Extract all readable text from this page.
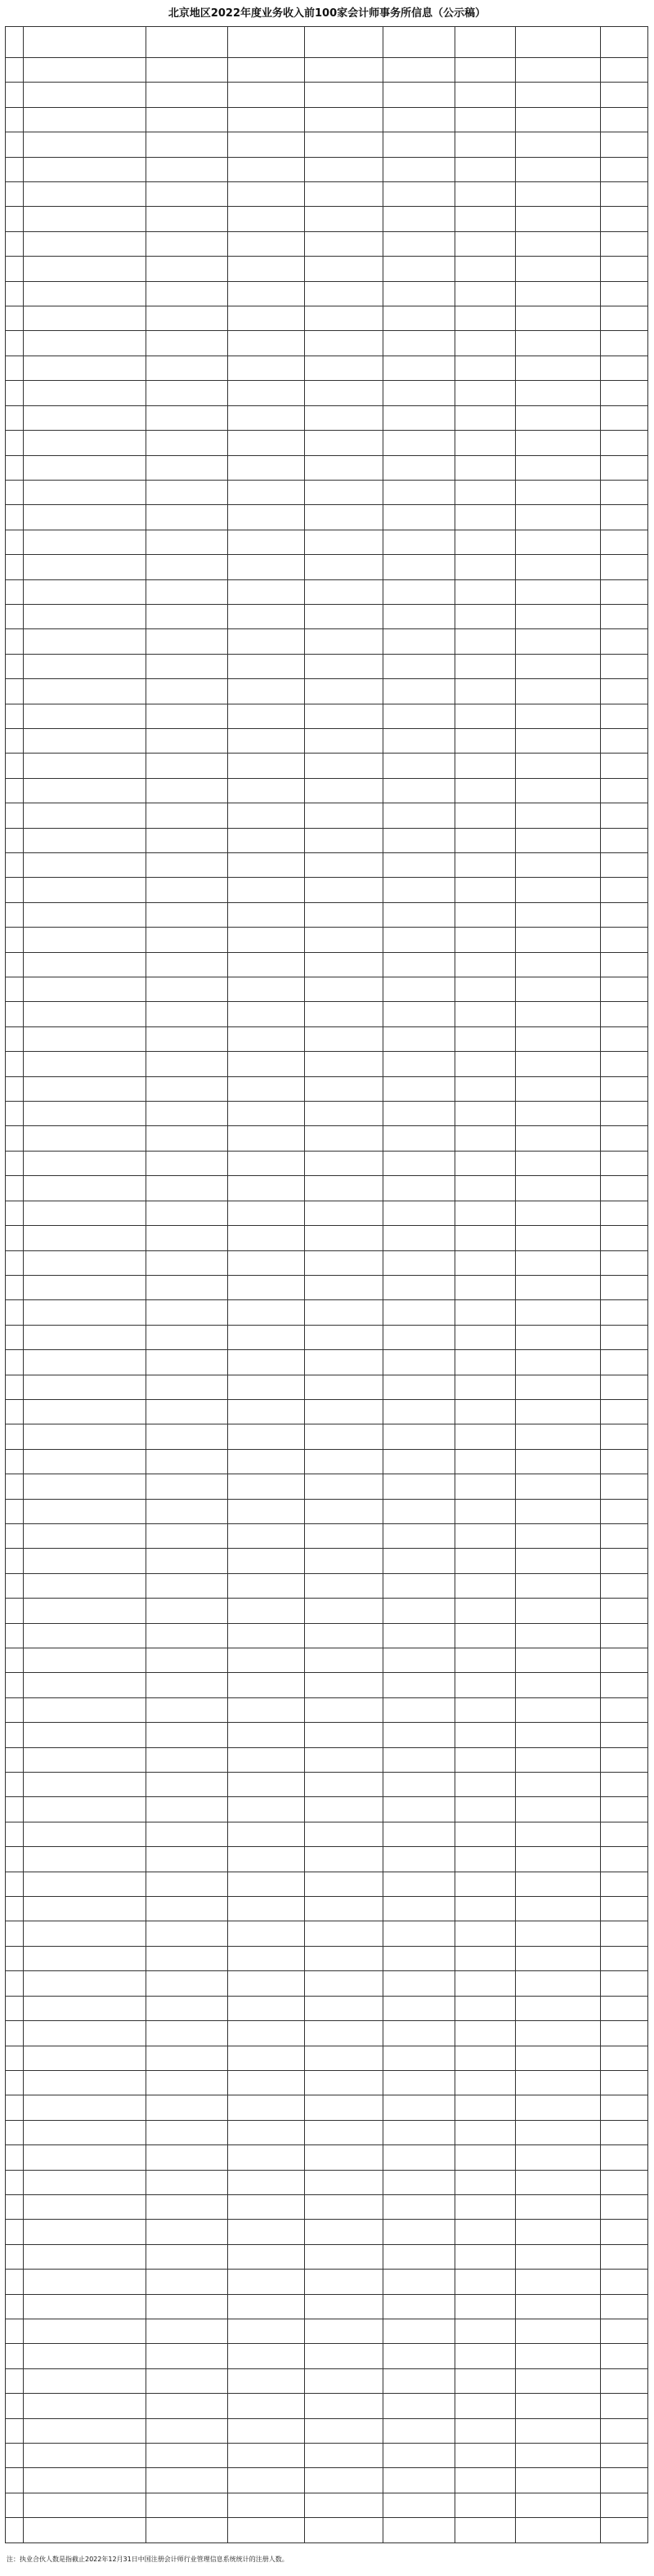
北京地区2022年度业务收入前100家会计师事务所信息（公示稿）

注：执业合伙人数是指截止2022年12月31日中国注册会计师行业管理信息系统统计的注册人数。
